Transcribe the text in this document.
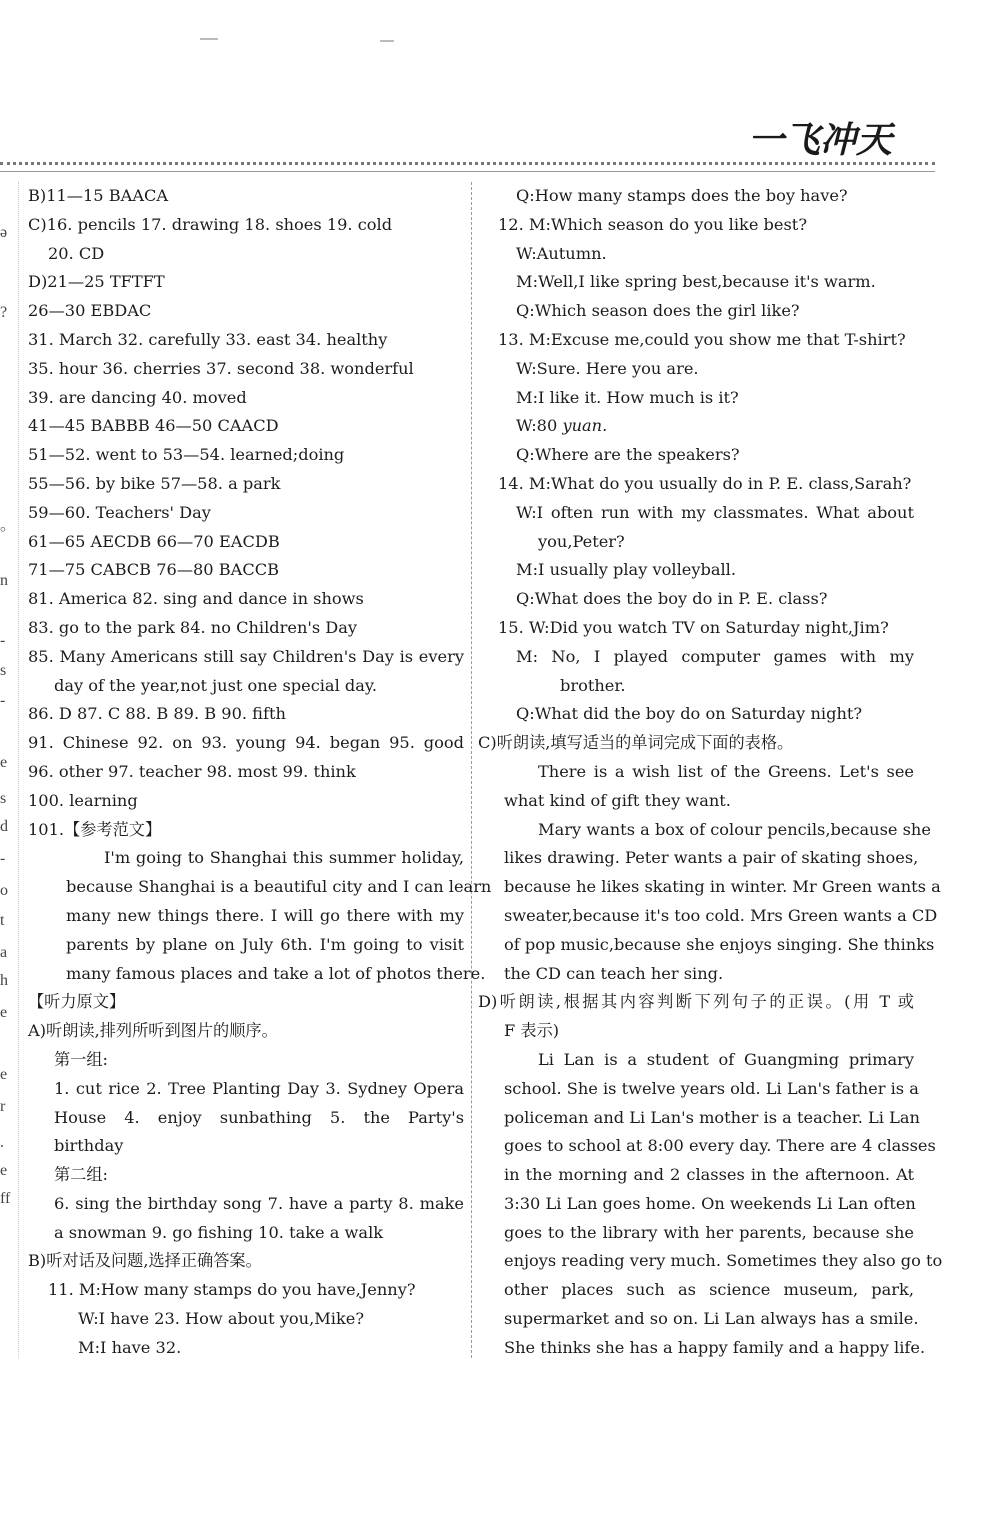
一飞冲天
ǝ
?
。
n
-
s
-
e
s
d
-
o
t
a
h
e
e
r
.
e
ff
B)11—15 BAACA
C)16. pencils 17. drawing 18. shoes 19. cold
20. CD
D)21—25 TFTFT
26—30 EBDAC
31. March 32. carefully 33. east 34. healthy
35. hour 36. cherries 37. second 38. wonderful
39. are dancing 40. moved
41—45 BABBB 46—50 CAACD
51—52. went to 53—54. learned;doing
55—56. by bike 57—58. a park
59—60. Teachers' Day
61—65 AECDB 66—70 EACDB
71—75 CABCB 76—80 BACCB
81. America 82. sing and dance in shows
83. go to the park 84. no Children's Day
85. Many Americans still say Children's Day is every
day of the year,not just one special day.
86. D 87. C 88. B 89. B 90. fifth
91. Chinese 92. on 93. young 94. began 95. good
96. other 97. teacher 98. most 99. think
100. learning
101.【参考范文】
I'm going to Shanghai this summer holiday,
because Shanghai is a beautiful city and I can learn
many new things there. I will go there with my
parents by plane on July 6th. I'm going to visit
many famous places and take a lot of photos there.
【听力原文】
A)听朗读,排列所听到图片的顺序。
第一组:
1. cut rice 2. Tree Planting Day 3. Sydney Opera
House 4. enjoy sunbathing 5. the Party's
birthday
第二组:
6. sing the birthday song 7. have a party 8. make
a snowman 9. go fishing 10. take a walk
B)听对话及问题,选择正确答案。
11. M:How many stamps do you have,Jenny?
W:I have 23. How about you,Mike?
M:I have 32.
Q:How many stamps does the boy have?
12. M:Which season do you like best?
W:Autumn.
M:Well,I like spring best,because it's warm.
Q:Which season does the girl like?
13. M:Excuse me,could you show me that T-shirt?
W:Sure. Here you are.
M:I like it. How much is it?
W:80 yuan.
Q:Where are the speakers?
14. M:What do you usually do in P. E. class,Sarah?
W:I often run with my classmates. What about
you,Peter?
M:I usually play volleyball.
Q:What does the boy do in P. E. class?
15. W:Did you watch TV on Saturday night,Jim?
M: No, I played computer games with my
brother.
Q:What did the boy do on Saturday night?
C)听朗读,填写适当的单词完成下面的表格。
There is a wish list of the Greens. Let's see
what kind of gift they want.
Mary wants a box of colour pencils,because she
likes drawing. Peter wants a pair of skating shoes,
because he likes skating in winter. Mr Green wants a
sweater,because it's too cold. Mrs Green wants a CD
of pop music,because she enjoys singing. She thinks
the CD can teach her sing.
D)听朗读,根据其内容判断下列句子的正误。(用 T 或
F 表示)
Li Lan is a student of Guangming primary
school. She is twelve years old. Li Lan's father is a
policeman and Li Lan's mother is a teacher. Li Lan
goes to school at 8:00 every day. There are 4 classes
in the morning and 2 classes in the afternoon. At
3:30 Li Lan goes home. On weekends Li Lan often
goes to the library with her parents, because she
enjoys reading very much. Sometimes they also go to
other places such as science museum, park,
supermarket and so on. Li Lan always has a smile.
She thinks she has a happy family and a happy life.
